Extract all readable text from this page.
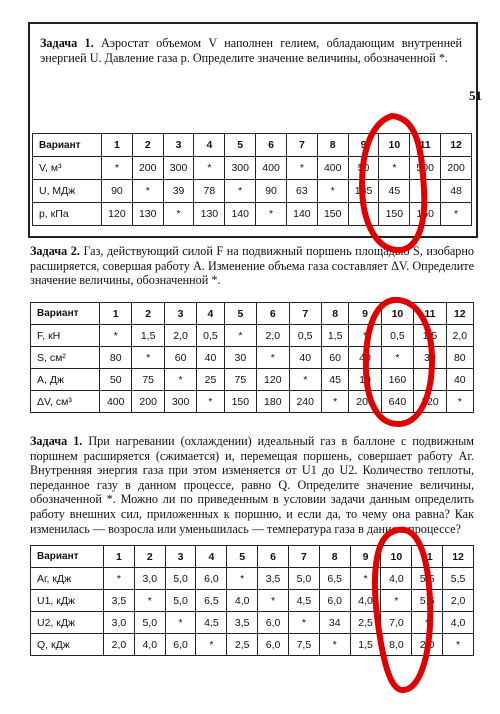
Задача 1. Аэростат объемом V наполнен гелием, обладающим внутренней энергией U. Давление газа p. Определите значение величины, обозначенной *.

51
Вариант	1	2	3	4	5	6	7	8	9	10	11	12
V, м³	*	200	300	*	300	400	*	400	50	*	500	200
U, МДж	90	*	39	78	*	90	63	*	135	45	*	48
p, кПа	120	130	*	130	140	*	140	150	*	150	150	*

Задача 2. Газ, действующий силой F на подвижный поршень площадью S, изобарно расширяется, совершая работу A. Изменение объема газа составляет ΔV. Определите значение величины, обозначенной *.

Вариант	1	2	3	4	5	6	7	8	9	10	11	12
F, кН	*	1,5	2,0	0,5	*	2,0	0,5	1,5	*	0,5	1,5	2,0
S, см²	80	*	60	40	30	*	40	60	40	*	30	80
A, Дж	50	75	*	25	75	120	*	45	10	160	*	40
ΔV, см³	400	200	300	*	150	180	240	*	200	640	120	*

Задача 1. При нагревании (охлаждении) идеальный газ в баллоне с подвижным поршнем расширяется (сжимается) и, перемещая поршень, совершает работу Aг. Внутренняя энергия газа при этом изменяется от U1 до U2. Количество теплоты, переданное газу в данном процессе, равно Q. Определите значение величины, обозначенной *. Можно ли по приведенным в условии задачи данным определить работу внешних сил, приложенных к поршню, и если да, то чему она равна? Как изменилась — возросла или уменьшилась — температура газа в данном процессе?

Вариант	1	2	3	4	5	6	7	8	9	10	11	12
Aг, кДж	*	3,0	5,0	6,0	*	3,5	5,0	6,5	*	4,0	5,5	5,5
U1, кДж	3,5	*	5,0	6,5	4,0	*	4,5	6,0	4,0	*	5,5	2,0
U2, кДж	3,0	5,0	*	4,5	3,5	6,0	*	34	2,5	7,0	*	4,0
Q, кДж	2,0	4,0	6,0	*	2,5	6,0	7,5	*	1,5	8,0	2,0	*
